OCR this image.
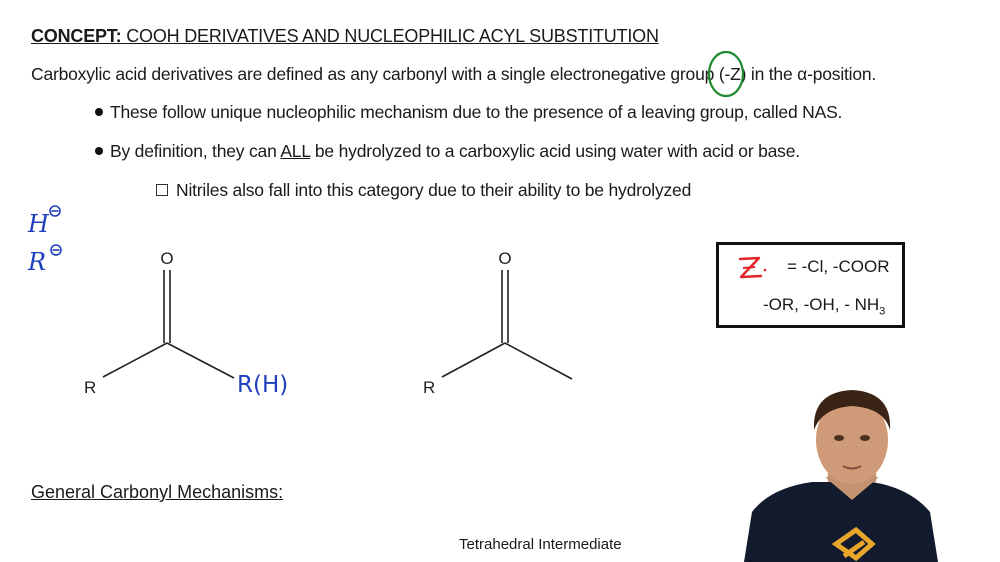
CONCEPT: COOH DERIVATIVES AND NUCLEOPHILIC ACYL SUBSTITUTION
Carboxylic acid derivatives are defined as any carbonyl with a single electronegative group (-Z) in the α-position.
These follow unique nucleophilic mechanism due to the presence of a leaving group, called NAS.
By definition, they can ALL be hydrolyzed to a carboxylic acid using water with acid or base.
Nitriles also fall into this category due to their ability to be hydrolyzed
H
R	O
R	R(H)
O
R
= -Cl, -COOR
-OR, -OH, - $NH_3$
General Carbonyl Mechanisms:
Tetrahedral Intermediate
